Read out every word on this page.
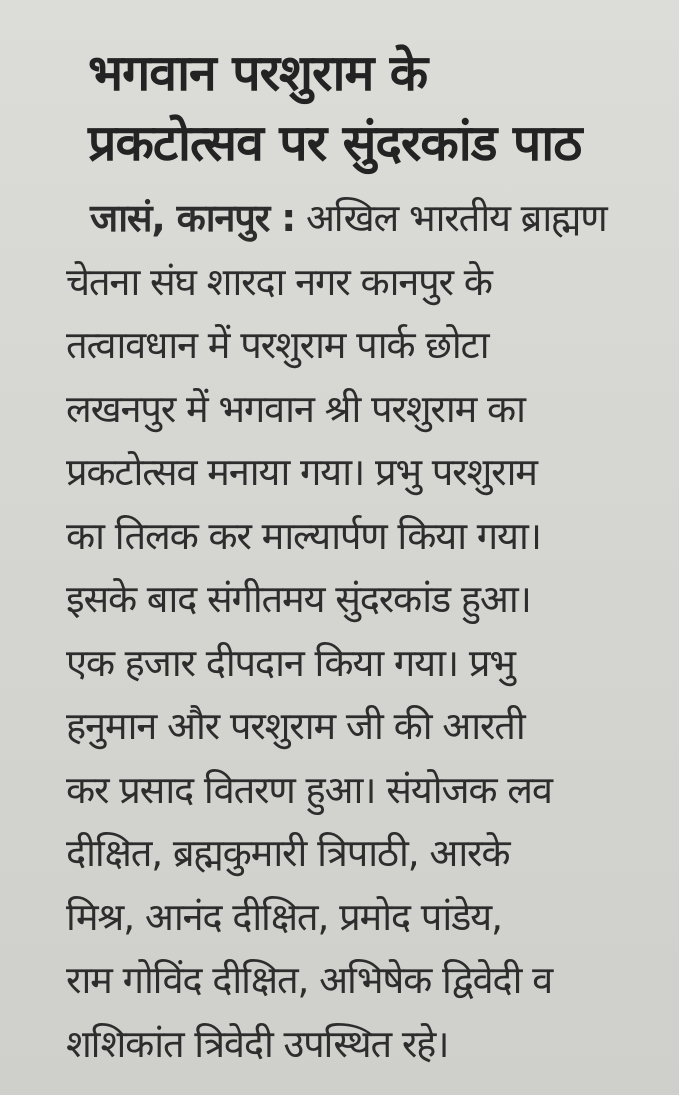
भगवान परशुराम के
प्रकटोत्सव पर सुंदरकांड पाठ
जासं, कानपुर : अखिल भारतीय ब्राह्मण
चेतना संघ शारदा नगर कानपुर के
तत्वावधान में परशुराम पार्क छोटा
लखनपुर में भगवान श्री परशुराम का
प्रकटोत्सव मनाया गया। प्रभु परशुराम
का तिलक कर माल्यार्पण किया गया।
इसके बाद संगीतमय सुंदरकांड हुआ।
एक हजार दीपदान किया गया। प्रभु
हनुमान और परशुराम जी की आरती
कर प्रसाद वितरण हुआ। संयोजक लव
दीक्षित, ब्रह्मकुमारी त्रिपाठी, आरके
मिश्र, आनंद दीक्षित, प्रमोद पांडेय,
राम गोविंद दीक्षित, अभिषेक द्विवेदी व
शशिकांत त्रिवेदी उपस्थित रहे।
